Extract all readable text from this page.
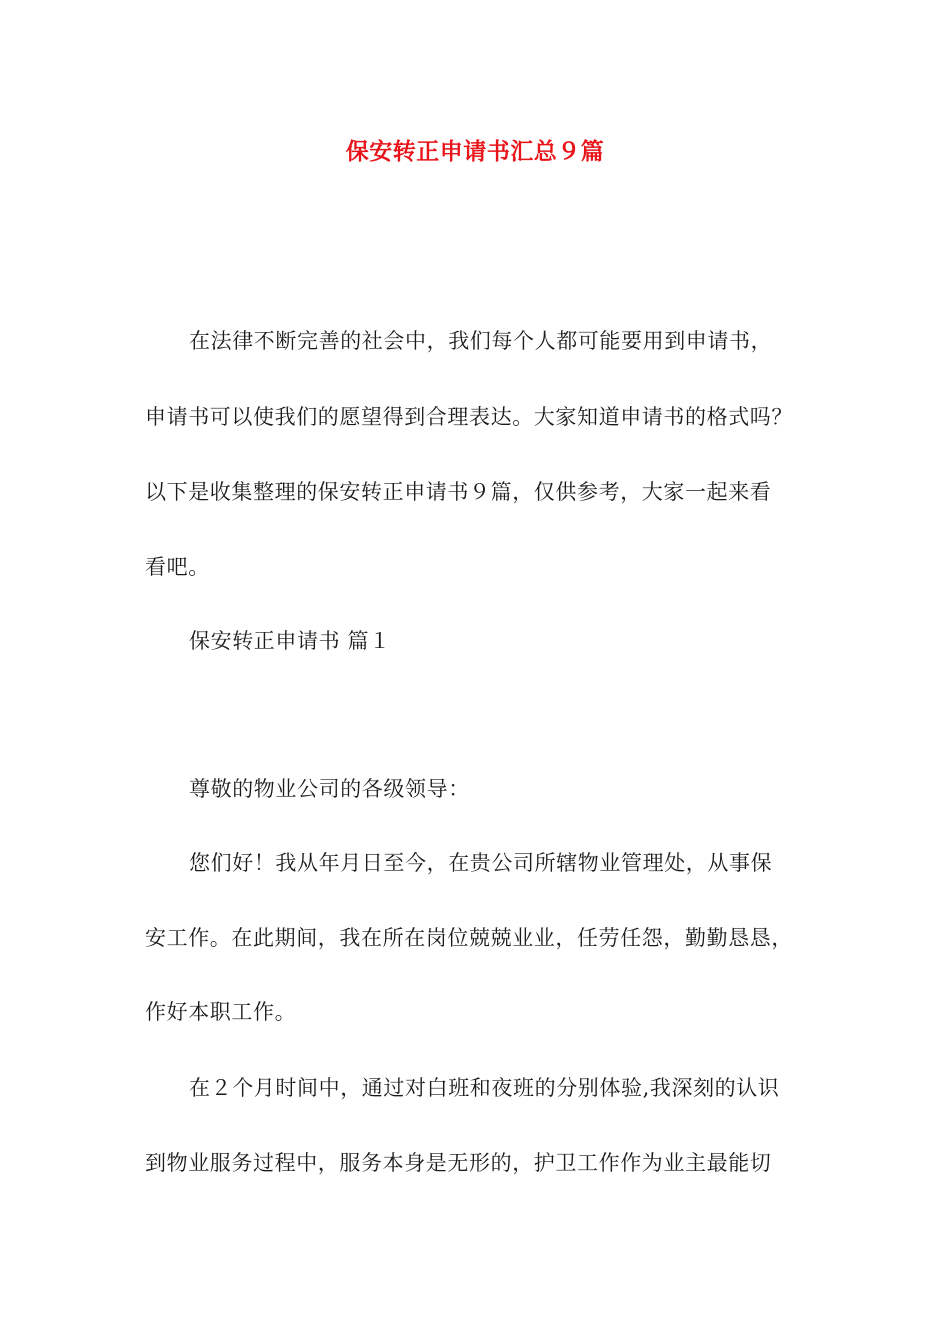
保安转正申请书汇总９篇
在法律不断完善的社会中，我们每个人都可能要用到申请书，
申请书可以使我们的愿望得到合理表达。大家知道申请书的格式吗？
以下是收集整理的保安转正申请书９篇，仅供参考，大家一起来看
看吧。
保安转正申请书 篇１
尊敬的物业公司的各级领导：
您们好！我从年月日至今，在贵公司所辖物业管理处，从事保
安工作。在此期间，我在所在岗位兢兢业业，任劳任怨，勤勤恳恳，
作好本职工作。
在２个月时间中，通过对白班和夜班的分别体验,我深刻的认识
到物业服务过程中，服务本身是无形的，护卫工作作为业主最能切
